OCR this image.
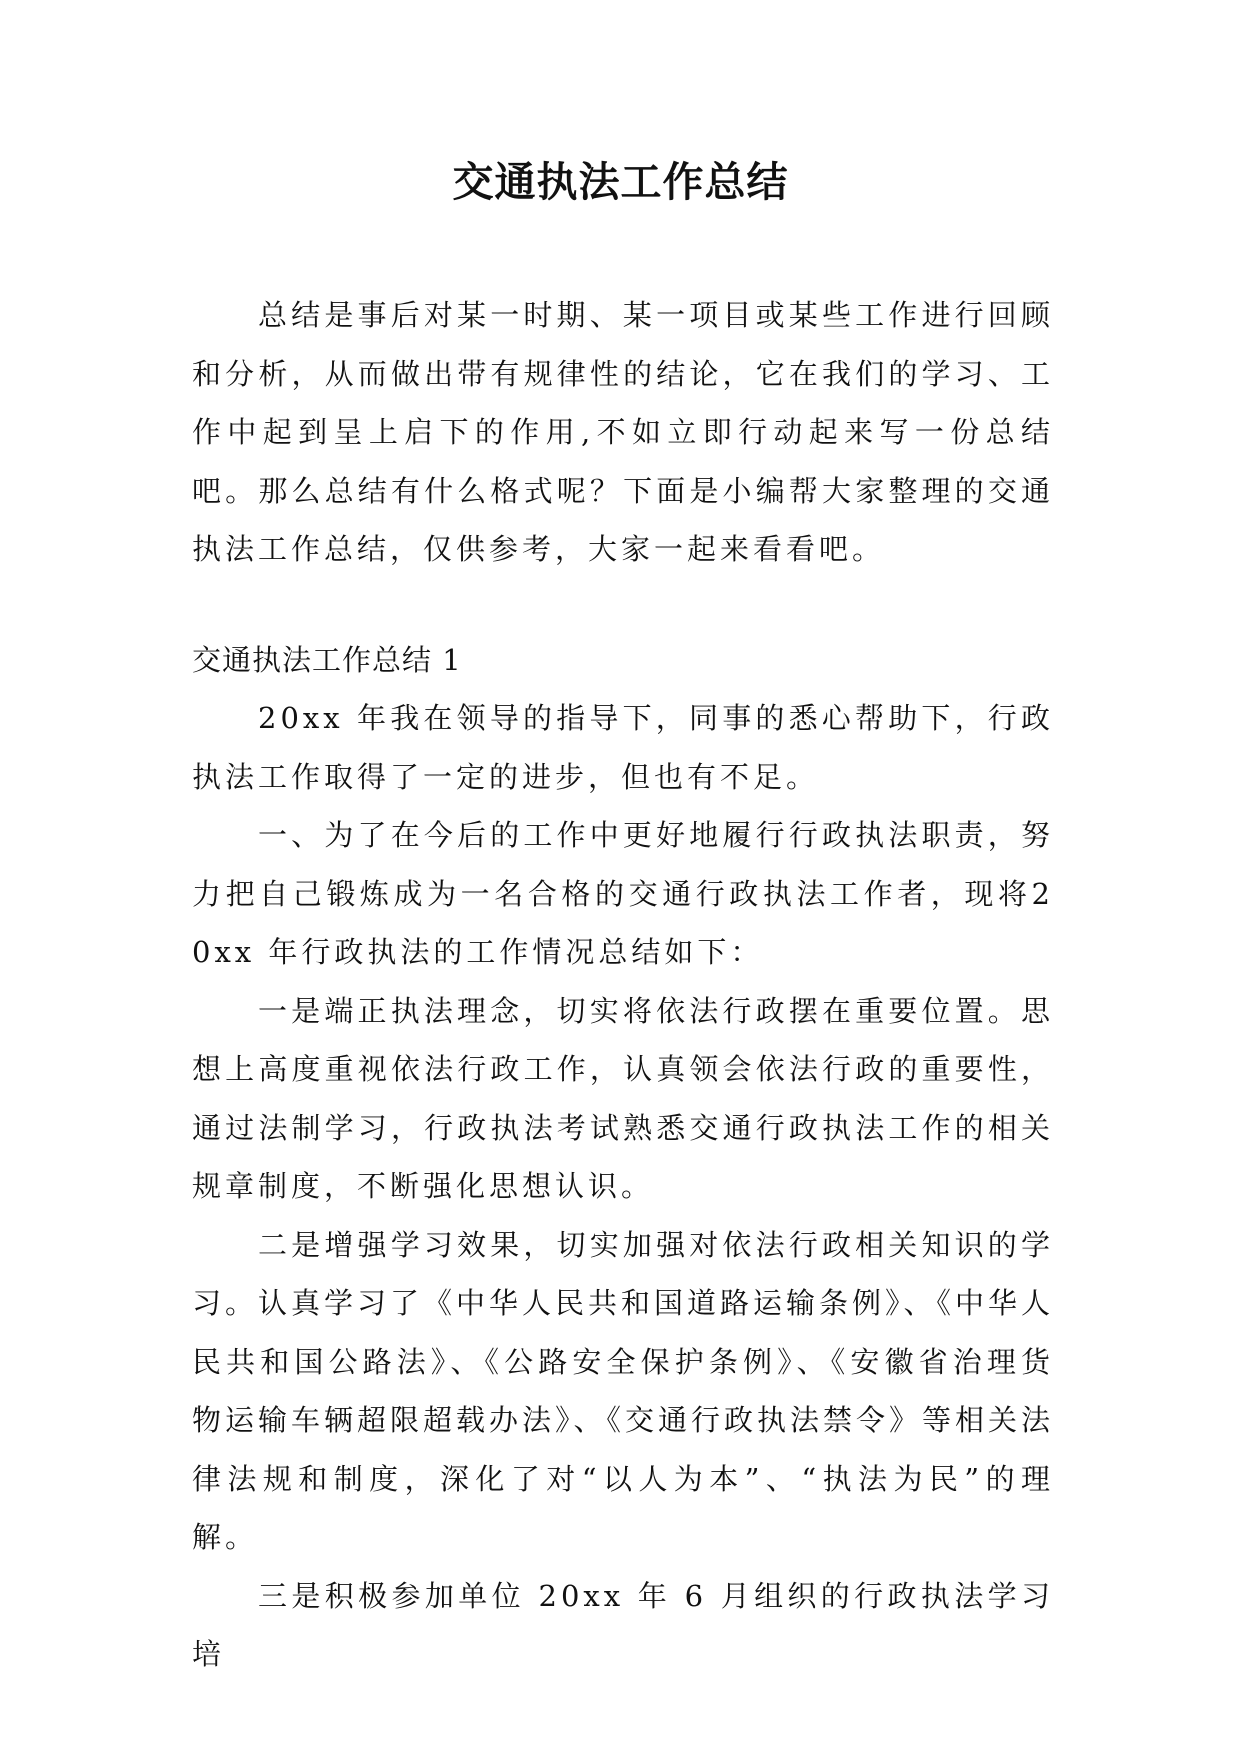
交通执法工作总结

总结是事后对某一时期、某一项目或某些工作进行回顾和分析，从而做出带有规律性的结论，它在我们的学习、工作中起到呈上启下的作用,不如立即行动起来写一份总结吧。那么总结有什么格式呢？下面是小编帮大家整理的交通执法工作总结，仅供参考，大家一起来看看吧。

交通执法工作总结 1

20xx 年我在领导的指导下，同事的悉心帮助下，行政执法工作取得了一定的进步，但也有不足。

一、为了在今后的工作中更好地履行行政执法职责，努力把自己锻炼成为一名合格的交通行政执法工作者，现将20xx 年行政执法的工作情况总结如下：

一是端正执法理念，切实将依法行政摆在重要位置。思想上高度重视依法行政工作，认真领会依法行政的重要性，通过法制学习，行政执法考试熟悉交通行政执法工作的相关规章制度，不断强化思想认识。

二是增强学习效果，切实加强对依法行政相关知识的学习。认真学习了《中华人民共和国道路运输条例》、《中华人民共和国公路法》、《公路安全保护条例》、《安徽省治理货物运输车辆超限超载办法》、《交通行政执法禁令》等相关法律法规和制度，深化了对“以人为本”、“执法为民”的理解。

三是积极参加单位 20xx 年 6 月组织的行政执法学习培
